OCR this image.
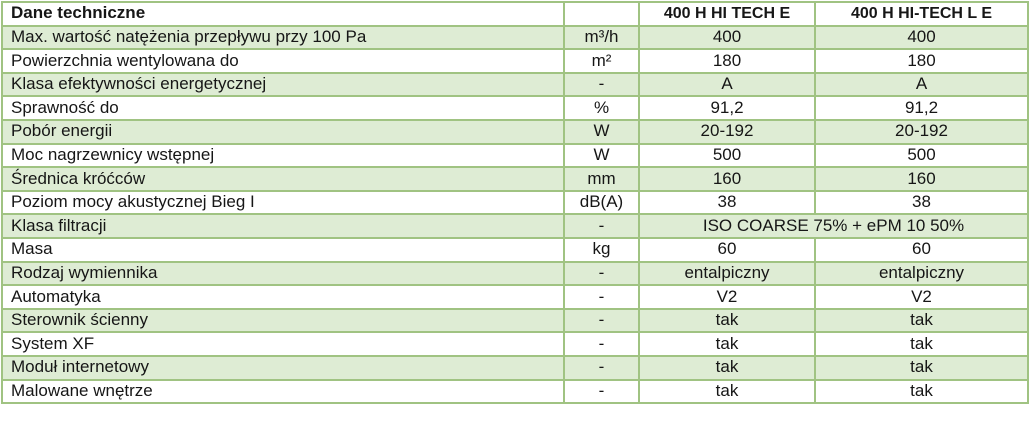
Dane techniczne		400 H HI TECH E	400 H HI-TECH L E
Max. wartość natężenia przepływu przy 100 Pa	m³/h	400	400
Powierzchnia wentylowana do	m²	180	180
Klasa efektywności energetycznej	-	A	A
Sprawność do	%	91,2	91,2
Pobór energii	W	20-192	20-192
Moc nagrzewnicy wstępnej	W	500	500
Średnica króćców	mm	160	160
Poziom mocy akustycznej Bieg I	dB(A)	38	38
Klasa filtracji	-	ISO COARSE 75% + ePM 10 50%	
Masa	kg	60	60
Rodzaj wymiennika	-	entalpiczny	entalpiczny
Automatyka	-	V2	V2
Sterownik ścienny	-	tak	tak
System XF	-	tak	tak
Moduł internetowy	-	tak	tak
Malowane wnętrze	-	tak	tak
